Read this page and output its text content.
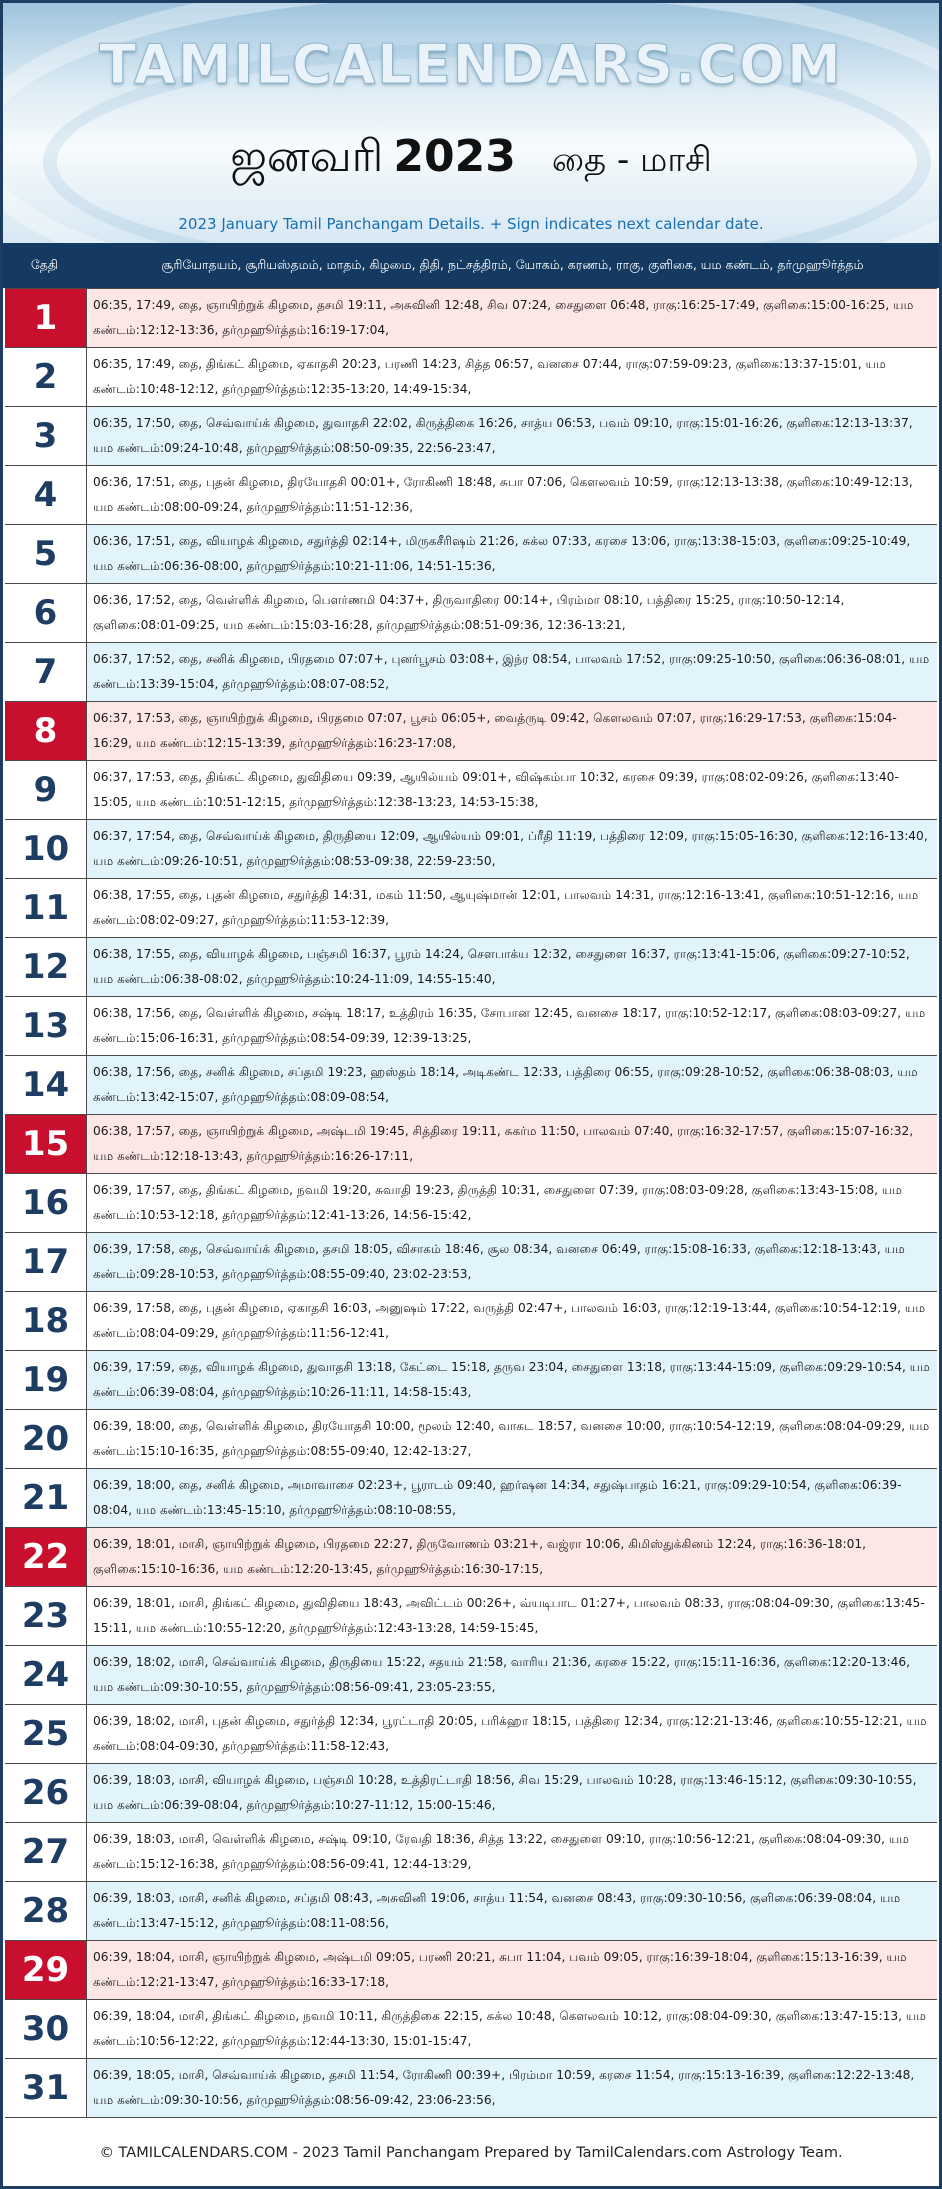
TAMILCALENDARS.COM
ஜனவரி 2023 தை - மாசி
2023 January Tamil Panchangam Details. + Sign indicates next calendar date.
தேதி	சூரியோதயம், சூரியஸ்தமம், மாதம், கிழமை, திதி, நட்சத்திரம், யோகம், கரணம், ராகு, குளிகை, யம கண்டம், தர்முஹூர்த்தம்
1	06:35, 17:49, தை, ஞாயிற்றுக் கிழமை, தசமி 19:11, அசுவினி 12:48, சிவ 07:24, சைதுளை 06:48, ராகு:16:25-17:49, குளிகை:15:00-16:25, யம கண்டம்:12:12-13:36, தர்முஹூர்த்தம்:16:19-17:04,
2	06:35, 17:49, தை, திங்கட் கிழமை, ஏகாதசி 20:23, பரணி 14:23, சித்த 06:57, வனசை 07:44, ராகு:07:59-09:23, குளிகை:13:37-15:01, யம கண்டம்:10:48-12:12, தர்முஹூர்த்தம்:12:35-13:20, 14:49-15:34,
3	06:35, 17:50, தை, செவ்வாய்க் கிழமை, துவாதசி 22:02, கிருத்திகை 16:26, சாத்ய 06:53, பவம் 09:10, ராகு:15:01-16:26, குளிகை:12:13-13:37, யம கண்டம்:09:24-10:48, தர்முஹூர்த்தம்:08:50-09:35, 22:56-23:47,
4	06:36, 17:51, தை, புதன் கிழமை, திரயோதசி 00:01+, ரோகிணி 18:48, சுபா 07:06, கௌலவம் 10:59, ராகு:12:13-13:38, குளிகை:10:49-12:13, யம கண்டம்:08:00-09:24, தர்முஹூர்த்தம்:11:51-12:36,
5	06:36, 17:51, தை, வியாழக் கிழமை, சதுர்த்தி 02:14+, மிருகசீரிஷம் 21:26, சுக்ல 07:33, கரசை 13:06, ராகு:13:38-15:03, குளிகை:09:25-10:49, யம கண்டம்:06:36-08:00, தர்முஹூர்த்தம்:10:21-11:06, 14:51-15:36,
6	06:36, 17:52, தை, வெள்ளிக் கிழமை, பௌர்ணமி 04:37+, திருவாதிரை 00:14+, பிரம்மா 08:10, பத்திரை 15:25, ராகு:10:50-12:14, குளிகை:08:01-09:25, யம கண்டம்:15:03-16:28, தர்முஹூர்த்தம்:08:51-09:36, 12:36-13:21,
7	06:37, 17:52, தை, சனிக் கிழமை, பிரதமை 07:07+, புனர்பூசம் 03:08+, இந்ர 08:54, பாலவம் 17:52, ராகு:09:25-10:50, குளிகை:06:36-08:01, யம கண்டம்:13:39-15:04, தர்முஹூர்த்தம்:08:07-08:52,
8	06:37, 17:53, தை, ஞாயிற்றுக் கிழமை, பிரதமை 07:07, பூசம் 06:05+, வைத்ருடி 09:42, கௌலவம் 07:07, ராகு:16:29-17:53, குளிகை:15:04-16:29, யம கண்டம்:12:15-13:39, தர்முஹூர்த்தம்:16:23-17:08,
9	06:37, 17:53, தை, திங்கட் கிழமை, துவிதியை 09:39, ஆயில்யம் 09:01+, விஷ்கம்பா 10:32, கரசை 09:39, ராகு:08:02-09:26, குளிகை:13:40-15:05, யம கண்டம்:10:51-12:15, தர்முஹூர்த்தம்:12:38-13:23, 14:53-15:38,
10	06:37, 17:54, தை, செவ்வாய்க் கிழமை, திருதியை 12:09, ஆயில்யம் 09:01, ப்ரீதி 11:19, பத்திரை 12:09, ராகு:15:05-16:30, குளிகை:12:16-13:40, யம கண்டம்:09:26-10:51, தர்முஹூர்த்தம்:08:53-09:38, 22:59-23:50,
11	06:38, 17:55, தை, புதன் கிழமை, சதுர்த்தி 14:31, மகம் 11:50, ஆயுஷ்மான் 12:01, பாலவம் 14:31, ராகு:12:16-13:41, குளிகை:10:51-12:16, யம கண்டம்:08:02-09:27, தர்முஹூர்த்தம்:11:53-12:39,
12	06:38, 17:55, தை, வியாழக் கிழமை, பஞ்சமி 16:37, பூரம் 14:24, சௌபாக்ய 12:32, சைதுளை 16:37, ராகு:13:41-15:06, குளிகை:09:27-10:52, யம கண்டம்:06:38-08:02, தர்முஹூர்த்தம்:10:24-11:09, 14:55-15:40,
13	06:38, 17:56, தை, வெள்ளிக் கிழமை, சஷ்டி 18:17, உத்திரம் 16:35, சோபான 12:45, வனசை 18:17, ராகு:10:52-12:17, குளிகை:08:03-09:27, யம கண்டம்:15:06-16:31, தர்முஹூர்த்தம்:08:54-09:39, 12:39-13:25,
14	06:38, 17:56, தை, சனிக் கிழமை, சப்தமி 19:23, ஹஸ்தம் 18:14, அடிகண்ட 12:33, பத்திரை 06:55, ராகு:09:28-10:52, குளிகை:06:38-08:03, யம கண்டம்:13:42-15:07, தர்முஹூர்த்தம்:08:09-08:54,
15	06:38, 17:57, தை, ஞாயிற்றுக் கிழமை, அஷ்டமி 19:45, சித்திரை 19:11, சுகர்ம 11:50, பாலவம் 07:40, ராகு:16:32-17:57, குளிகை:15:07-16:32, யம கண்டம்:12:18-13:43, தர்முஹூர்த்தம்:16:26-17:11,
16	06:39, 17:57, தை, திங்கட் கிழமை, நவமி 19:20, சுவாதி 19:23, திருத்தி 10:31, சைதுளை 07:39, ராகு:08:03-09:28, குளிகை:13:43-15:08, யம கண்டம்:10:53-12:18, தர்முஹூர்த்தம்:12:41-13:26, 14:56-15:42,
17	06:39, 17:58, தை, செவ்வாய்க் கிழமை, தசமி 18:05, விசாகம் 18:46, சூல 08:34, வனசை 06:49, ராகு:15:08-16:33, குளிகை:12:18-13:43, யம கண்டம்:09:28-10:53, தர்முஹூர்த்தம்:08:55-09:40, 23:02-23:53,
18	06:39, 17:58, தை, புதன் கிழமை, ஏகாதசி 16:03, அனுஷம் 17:22, வருத்தி 02:47+, பாலவம் 16:03, ராகு:12:19-13:44, குளிகை:10:54-12:19, யம கண்டம்:08:04-09:29, தர்முஹூர்த்தம்:11:56-12:41,
19	06:39, 17:59, தை, வியாழக் கிழமை, துவாதசி 13:18, கேட்டை 15:18, தருவ 23:04, சைதுளை 13:18, ராகு:13:44-15:09, குளிகை:09:29-10:54, யம கண்டம்:06:39-08:04, தர்முஹூர்த்தம்:10:26-11:11, 14:58-15:43,
20	06:39, 18:00, தை, வெள்ளிக் கிழமை, திரயோதசி 10:00, மூலம் 12:40, வாகட 18:57, வனசை 10:00, ராகு:10:54-12:19, குளிகை:08:04-09:29, யம கண்டம்:15:10-16:35, தர்முஹூர்த்தம்:08:55-09:40, 12:42-13:27,
21	06:39, 18:00, தை, சனிக் கிழமை, அமாவாசை 02:23+, பூராடம் 09:40, ஹர்ஷன 14:34, சதுஷ்பாதம் 16:21, ராகு:09:29-10:54, குளிகை:06:39-08:04, யம கண்டம்:13:45-15:10, தர்முஹூர்த்தம்:08:10-08:55,
22	06:39, 18:01, மாசி, ஞாயிற்றுக் கிழமை, பிரதமை 22:27, திருவோணம் 03:21+, வஜ்ரா 10:06, கிமிஸ்துக்கினம் 12:24, ராகு:16:36-18:01, குளிகை:15:10-16:36, யம கண்டம்:12:20-13:45, தர்முஹூர்த்தம்:16:30-17:15,
23	06:39, 18:01, மாசி, திங்கட் கிழமை, துவிதியை 18:43, அவிட்டம் 00:26+, வ்யடிபாட 01:27+, பாலவம் 08:33, ராகு:08:04-09:30, குளிகை:13:45-15:11, யம கண்டம்:10:55-12:20, தர்முஹூர்த்தம்:12:43-13:28, 14:59-15:45,
24	06:39, 18:02, மாசி, செவ்வாய்க் கிழமை, திருதியை 15:22, சதயம் 21:58, வாரிய 21:36, கரசை 15:22, ராகு:15:11-16:36, குளிகை:12:20-13:46, யம கண்டம்:09:30-10:55, தர்முஹூர்த்தம்:08:56-09:41, 23:05-23:55,
25	06:39, 18:02, மாசி, புதன் கிழமை, சதுர்த்தி 12:34, பூரட்டாதி 20:05, பரிக்ஹா 18:15, பத்திரை 12:34, ராகு:12:21-13:46, குளிகை:10:55-12:21, யம கண்டம்:08:04-09:30, தர்முஹூர்த்தம்:11:58-12:43,
26	06:39, 18:03, மாசி, வியாழக் கிழமை, பஞ்சமி 10:28, உத்திரட்டாதி 18:56, சிவ 15:29, பாலவம் 10:28, ராகு:13:46-15:12, குளிகை:09:30-10:55, யம கண்டம்:06:39-08:04, தர்முஹூர்த்தம்:10:27-11:12, 15:00-15:46,
27	06:39, 18:03, மாசி, வெள்ளிக் கிழமை, சஷ்டி 09:10, ரேவதி 18:36, சித்த 13:22, சைதுளை 09:10, ராகு:10:56-12:21, குளிகை:08:04-09:30, யம கண்டம்:15:12-16:38, தர்முஹூர்த்தம்:08:56-09:41, 12:44-13:29,
28	06:39, 18:03, மாசி, சனிக் கிழமை, சப்தமி 08:43, அசுவினி 19:06, சாத்ய 11:54, வனசை 08:43, ராகு:09:30-10:56, குளிகை:06:39-08:04, யம கண்டம்:13:47-15:12, தர்முஹூர்த்தம்:08:11-08:56,
29	06:39, 18:04, மாசி, ஞாயிற்றுக் கிழமை, அஷ்டமி 09:05, பரணி 20:21, சுபா 11:04, பவம் 09:05, ராகு:16:39-18:04, குளிகை:15:13-16:39, யம கண்டம்:12:21-13:47, தர்முஹூர்த்தம்:16:33-17:18,
30	06:39, 18:04, மாசி, திங்கட் கிழமை, நவமி 10:11, கிருத்திகை 22:15, சுக்ல 10:48, கௌலவம் 10:12, ராகு:08:04-09:30, குளிகை:13:47-15:13, யம கண்டம்:10:56-12:22, தர்முஹூர்த்தம்:12:44-13:30, 15:01-15:47,
31	06:39, 18:05, மாசி, செவ்வாய்க் கிழமை, தசமி 11:54, ரோகிணி 00:39+, பிரம்மா 10:59, கரசை 11:54, ராகு:15:13-16:39, குளிகை:12:22-13:48, யம கண்டம்:09:30-10:56, தர்முஹூர்த்தம்:08:56-09:42, 23:06-23:56,
© TAMILCALENDARS.COM - 2023 Tamil Panchangam Prepared by TamilCalendars.com Astrology Team.
